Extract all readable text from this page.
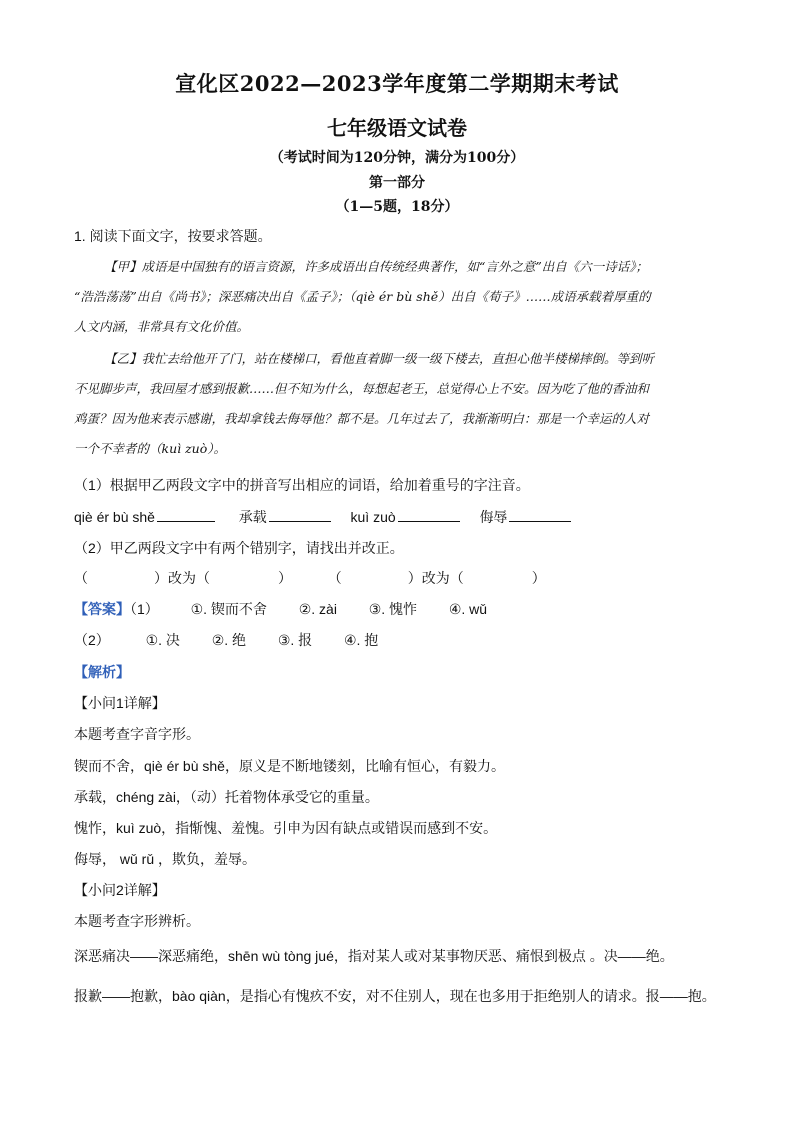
宣化区2022—2023学年度第二学期期末考试
七年级语文试卷
（考试时间为120分钟，满分为100分）
第一部分
（1—5题，18分）
1. 阅读下面文字，按要求答题。
【甲】成语是中国独有的语言资源，许多成语出自传统经典著作，如“言外之意”出自《六一诗话》；
“浩浩荡荡”出自《尚书》；深恶痛决出自《孟子》；（qiè ér bù shě）出自《荀子》……成语承载着厚重的
人文内涵，非常具有文化价值。
【乙】我忙去给他开了门，站在楼梯口，看他直着脚一级一级下楼去，直担心他半楼梯摔倒。等到听
不见脚步声，我回屋才感到报歉……但不知为什么，每想起老王，总觉得心上不安。因为吃了他的香油和
鸡蛋？因为他来表示感谢，我却拿钱去侮辱他？都不是。几年过去了，我渐渐明白：那是一个幸运的人对
一个不幸者的（kuì zuò）。
（1）根据甲乙两段文字中的拼音写出相应的词语，给加着重号的字注音。
qiè ér bù shě	承载	kuì zuò	侮辱
（2）甲乙两段文字中有两个错别字，请找出并改正。
（	）改为（	）	（	）改为（	）
【答案】（1） ①. 锲而不舍 ②. zài ③. 愧怍 ④. wǔ
（2）	①. 决 ②. 绝 ③. 报 ④. 抱
【解析】
【小问1详解】
本题考查字音字形。
锲而不舍，qiè ér bù shě，原义是不断地镂刻，比喻有恒心，有毅力。
承载，chéng zài，（动）托着物体承受它的重量。
愧怍，kuì zuò，指惭愧、羞愧。引申为因有缺点或错误而感到不安。
侮辱， wǔ rǔ ，欺负，羞辱。
【小问2详解】
本题考查字形辨析。
深恶痛决——深恶痛绝，shēn wù tòng jué，指对某人或对某事物厌恶、痛恨到极点 。决——绝。
报歉——抱歉，bào qiàn，是指心有愧疚不安，对不住别人，现在也多用于拒绝别人的请求。报——抱。
